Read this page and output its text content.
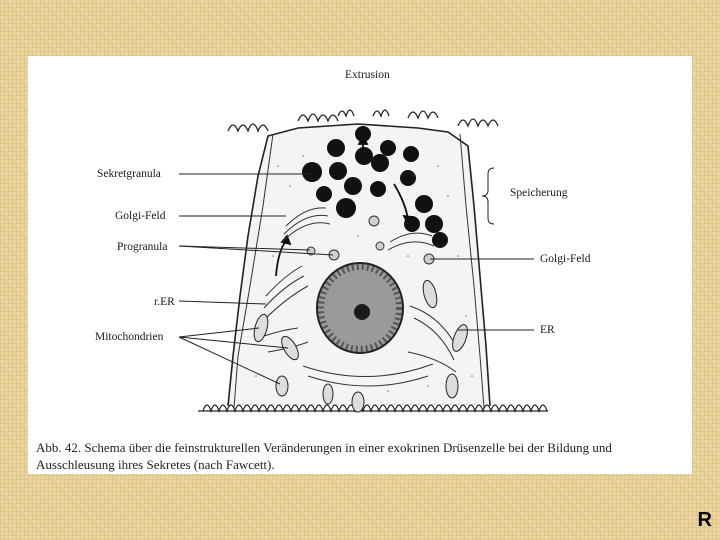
Extrusion
Sekretgranula
Golgi-Feld
Progranula
r.ER
Mitochondrien
Speicherung
Golgi-Feld
ER
Abb. 42. Schema über die feinstrukturellen Veränderungen in einer exokrinen Drüsenzelle bei der Bildung und Ausschleusung ihres Sekretes (nach Fawcett).
R
